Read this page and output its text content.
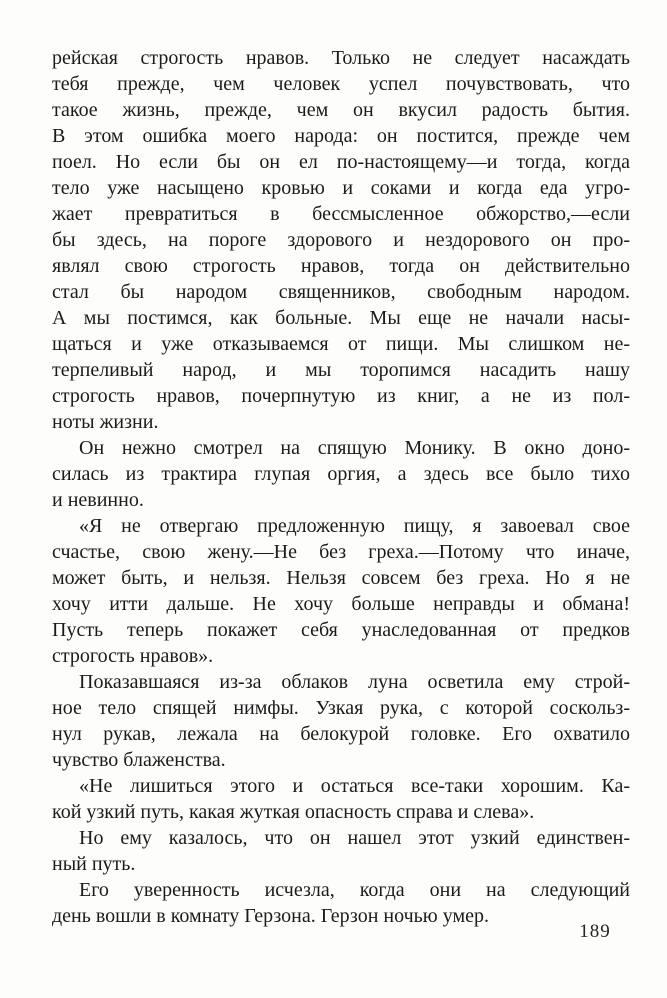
рейская строгость нравов. Только не следует насаждать
тебя прежде, чем человек успел почувствовать, что
такое жизнь, прежде, чем он вкусил радость бытия.
В этом ошибка моего народа: он постится, прежде чем
поел. Но если бы он ел по-настоящему—и тогда, когда
тело уже насыщено кровью и соками и когда еда угро-
жает превратиться в бессмысленное обжорство,—если
бы здесь, на пороге здорового и нездорового он про-
являл свою строгость нравов, тогда он действительно
стал бы народом священников, свободным народом.
А мы постимся, как больные. Мы еще не начали насы-
щаться и уже отказываемся от пищи. Мы слишком не-
терпеливый народ, и мы торопимся насадить нашу
строгость нравов, почерпнутую из книг, а не из пол-
ноты жизни.
Он нежно смотрел на спящую Монику. В окно доно-
силась из трактира глупая оргия, а здесь все было тихо
и невинно.
«Я не отвергаю предложенную пищу, я завоевал свое
счастье, свою жену.—Не без греха.—Потому что иначе,
может быть, и нельзя. Нельзя совсем без греха. Но я не
хочу итти дальше. Не хочу больше неправды и обмана!
Пусть теперь покажет себя унаследованная от предков
строгость нравов».
Показавшаяся из-за облаков луна осветила ему строй-
ное тело спящей нимфы. Узкая рука, с которой соскольз-
нул рукав, лежала на белокурой головке. Его охватило
чувство блаженства.
«Не лишиться этого и остаться все-таки хорошим. Ка-
кой узкий путь, какая жуткая опасность справа и слева».
Но ему казалось, что он нашел этот узкий единствен-
ный путь.
Его уверенность исчезла, когда они на следующий
день вошли в комнату Герзона. Герзон ночью умер.
189
